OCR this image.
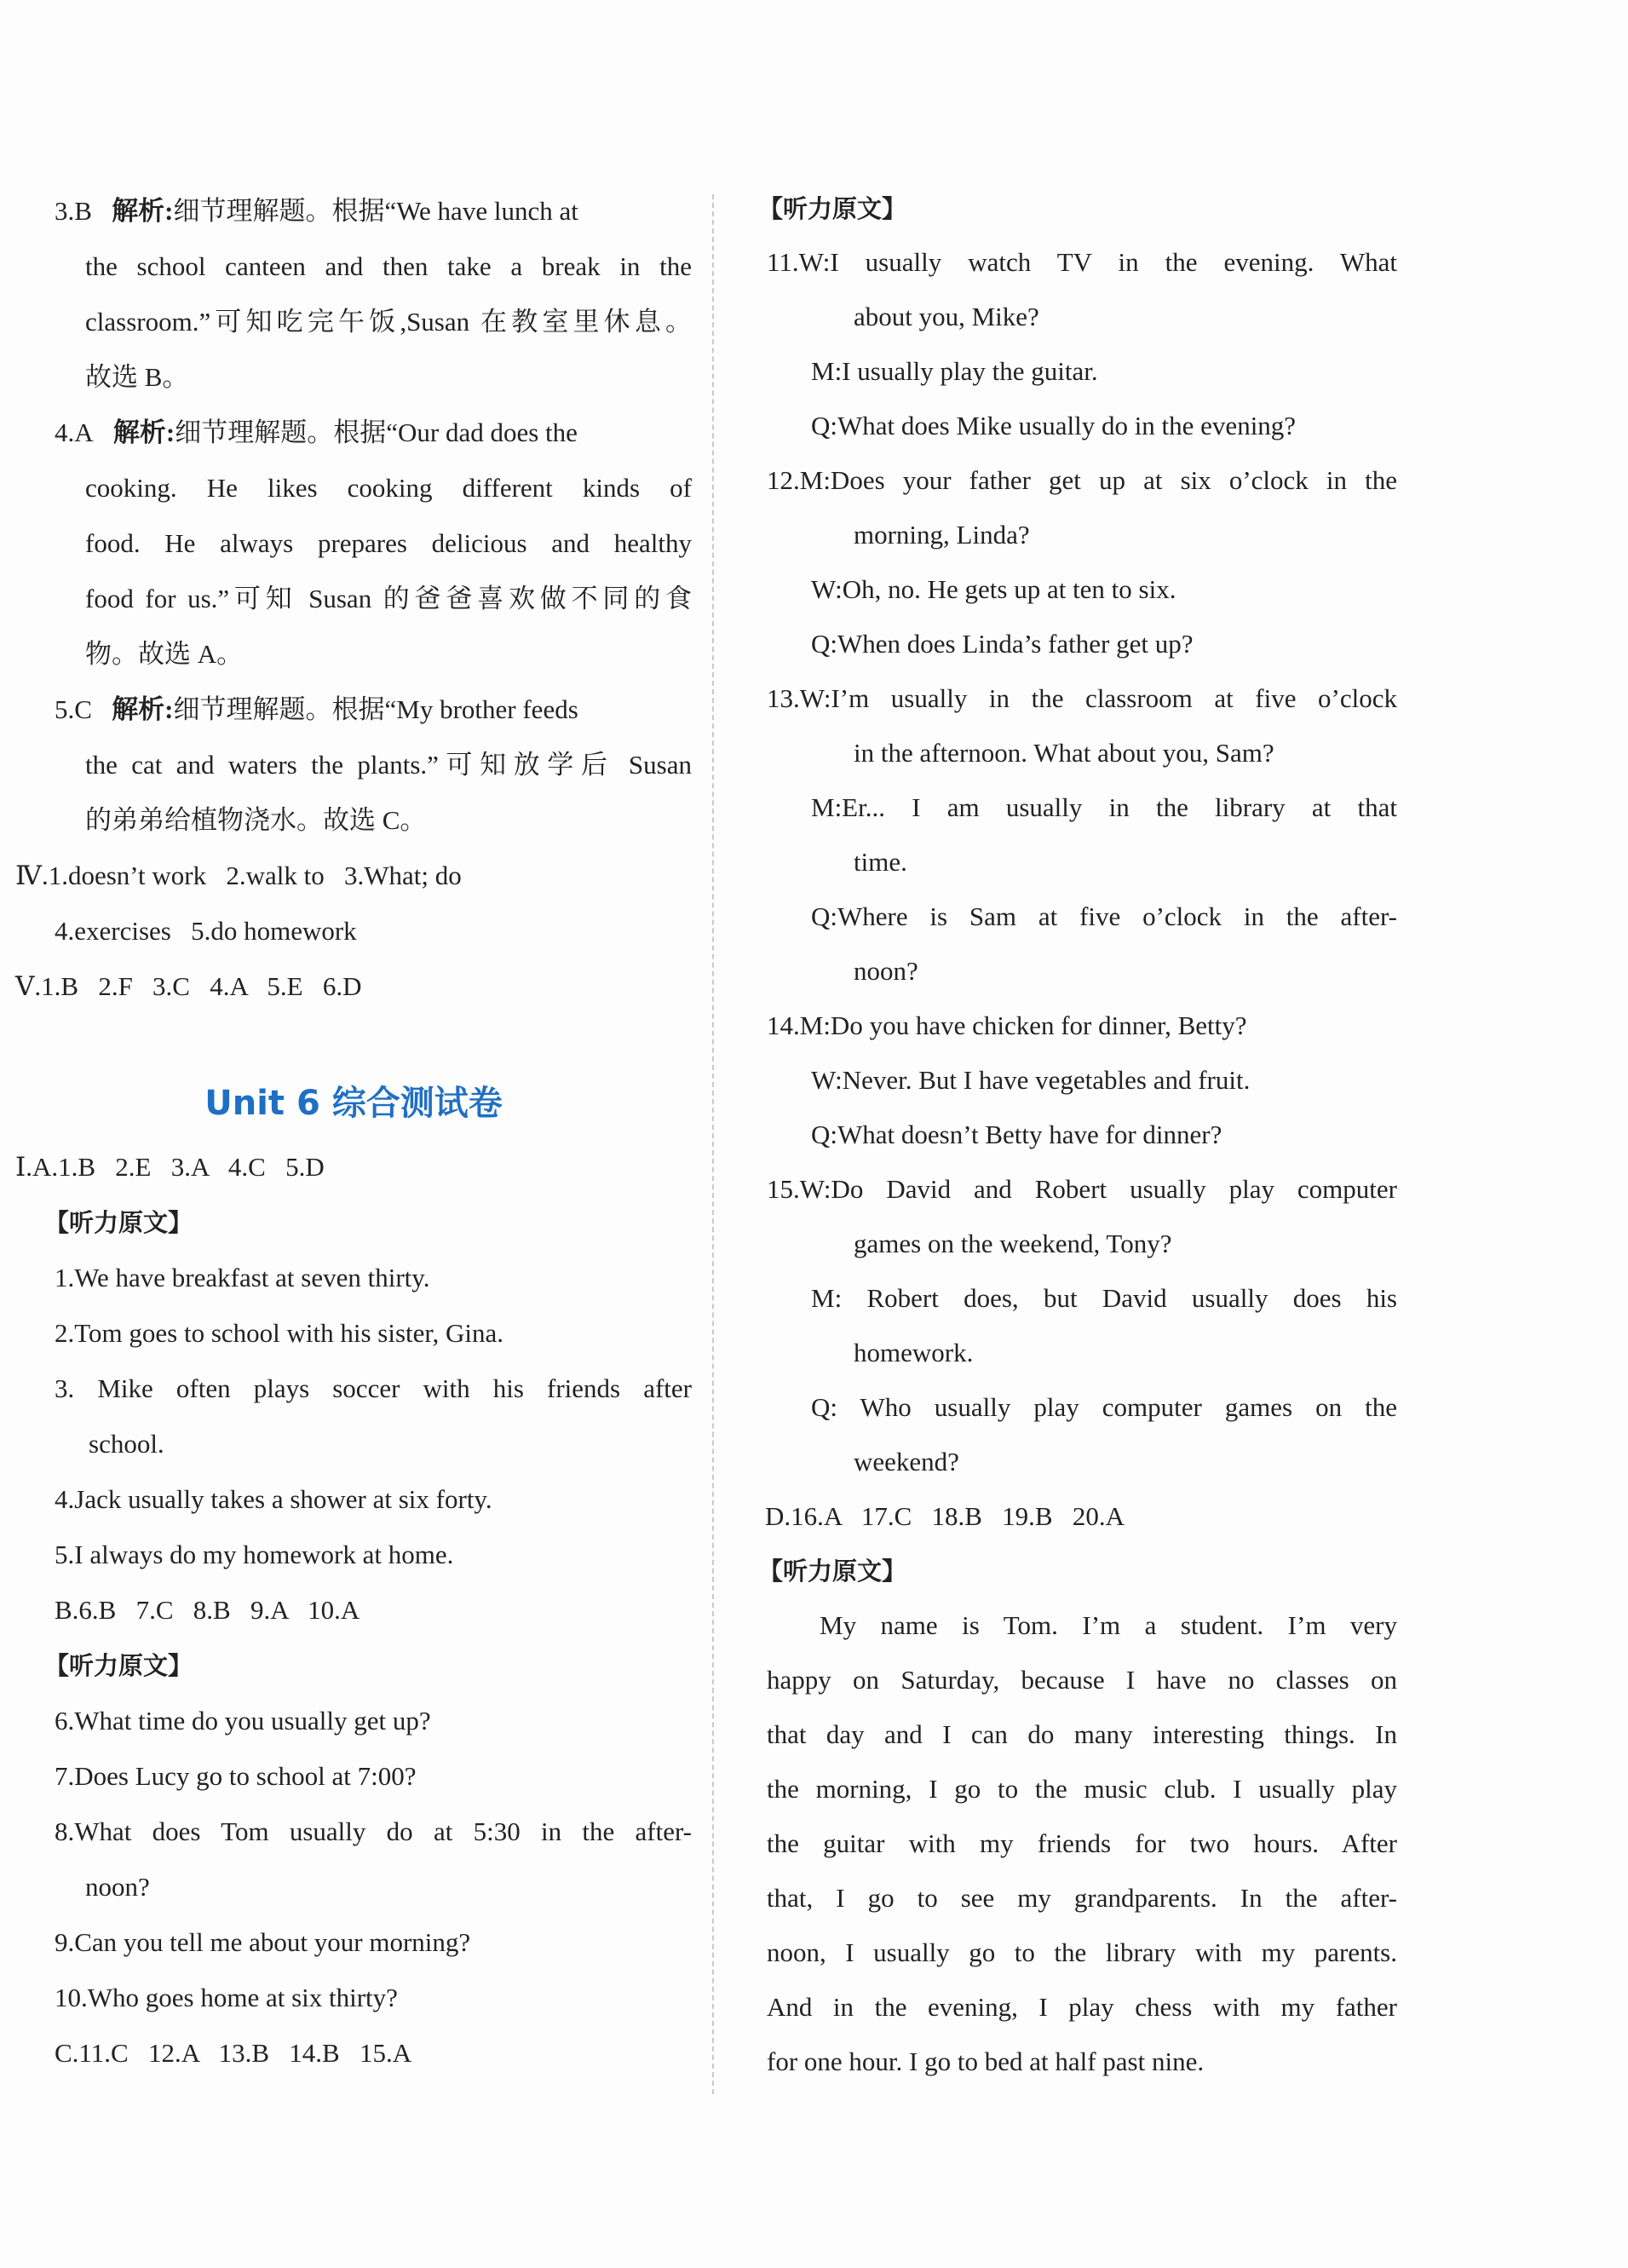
3.B 解析:细节理解题。根据“We have lunch at
the school canteen and then take a break in the
classroom.”可知吃完午饭,Susan 在教室里休息。
故选 B。
4.A 解析:细节理解题。根据“Our dad does the
cooking. He likes cooking different kinds of
food. He always prepares delicious and healthy
food for us.”可知 Susan 的爸爸喜欢做不同的食
物。故选 A。
5.C 解析:细节理解题。根据“My brother feeds
the cat and waters the plants.”可知放学后 Susan
的弟弟给植物浇水。故选 C。
Ⅳ.1.doesn’t work   2.walk to   3.What; do
4.exercises   5.do homework
Ⅴ.1.B   2.F   3.C   4.A   5.E   6.D
Unit 6 综合测试卷
Ⅰ.A.1.B   2.E   3.A   4.C   5.D
【听力原文】
1.We have breakfast at seven thirty.
2.Tom goes to school with his sister, Gina.
3. Mike often plays soccer with his friends after
school.
4.Jack usually takes a shower at six forty.
5.I always do my homework at home.
B.6.B   7.C   8.B   9.A   10.A
【听力原文】
6.What time do you usually get up?
7.Does Lucy go to school at 7:00?
8.What does Tom usually do at 5:30 in the after-
noon?
9.Can you tell me about your morning?
10.Who goes home at six thirty?
C.11.C   12.A   13.B   14.B   15.A
【听力原文】
11.W:I usually watch TV in the evening. What
about you, Mike?
M:I usually play the guitar.
Q:What does Mike usually do in the evening?
12.M:Does your father get up at six o’clock in the
morning, Linda?
W:Oh, no. He gets up at ten to six.
Q:When does Linda’s father get up?
13.W:I’m usually in the classroom at five o’clock
in the afternoon. What about you, Sam?
M:Er... I am usually in the library at that
time.
Q:Where is Sam at five o’clock in the after-
noon?
14.M:Do you have chicken for dinner, Betty?
W:Never. But I have vegetables and fruit.
Q:What doesn’t Betty have for dinner?
15.W:Do David and Robert usually play computer
games on the weekend, Tony?
M: Robert does, but David usually does his
homework.
Q: Who usually play computer games on the
weekend?
D.16.A   17.C   18.B   19.B   20.A
【听力原文】
My name is Tom. I’m a student. I’m very
happy on Saturday, because I have no classes on
that day and I can do many interesting things. In
the morning, I go to the music club. I usually play
the guitar with my friends for two hours. After
that, I go to see my grandparents. In the after-
noon, I usually go to the library with my parents.
And in the evening, I play chess with my father
for one hour. I go to bed at half past nine.
